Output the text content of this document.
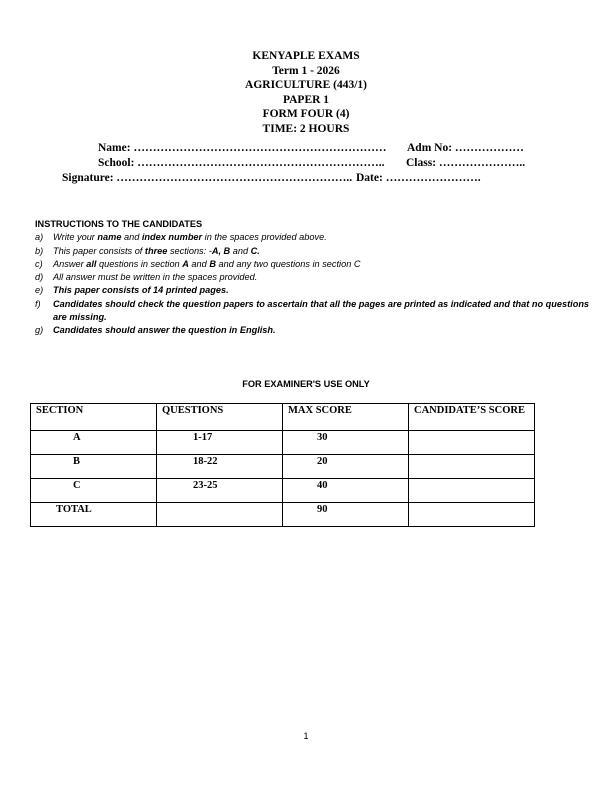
KENYAPLE EXAMS
Term 1 - 2026
AGRICULTURE (443/1)
PAPER 1
FORM FOUR (4)
TIME: 2 HOURS
Name: ………………………………………………………… Adm No: ………………
School: ……………………………………………………….. Class: …………………..
Signature: …………………………………………………….. Date: …………………….
INSTRUCTIONS TO THE CANDIDATES
a) Write your name and index number in the spaces provided above.
b) This paper consists of three sections: -A, B and C.
c) Answer all questions in section A and B and any two questions in section C
d) All answer must be written in the spaces provided.
e) This paper consists of 14 printed pages.
f) Candidates should check the question papers to ascertain that all the pages are printed as indicated and that no questions are missing.
g) Candidates should answer the question in English.
FOR EXAMINER'S USE ONLY
SECTION	QUESTIONS	MAX SCORE	CANDIDATE’S SCORE
A	1-17	30	
B	18-22	20	
C	23-25	40	
TOTAL		90	
1
